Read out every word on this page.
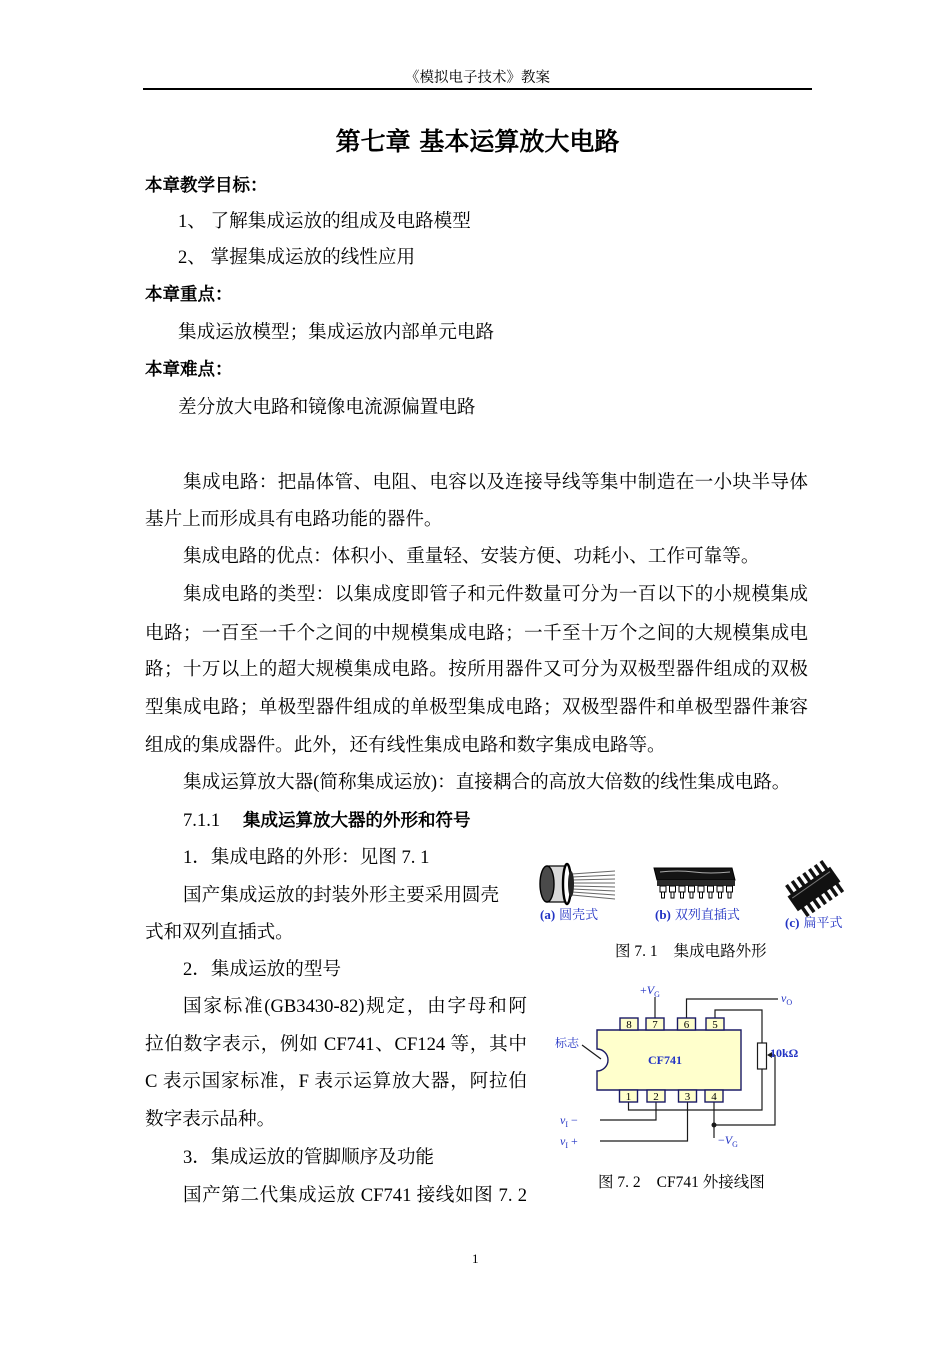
《模拟电子技术》教案
第七章 基本运算放大电路
本章教学目标：
1、 了解集成运放的组成及电路模型
2、 掌握集成运放的线性应用
本章重点：
集成运放模型；集成运放内部单元电路
本章难点：
差分放大电路和镜像电流源偏置电路
集成电路：把晶体管、电阻、电容以及连接导线等集中制造在一小块半导体
基片上而形成具有电路功能的器件。
集成电路的优点：体积小、重量轻、安装方便、功耗小、工作可靠等。
集成电路的类型：以集成度即管子和元件数量可分为一百以下的小规模集成
电路；一百至一千个之间的中规模集成电路；一千至十万个之间的大规模集成电
路；十万以上的超大规模集成电路。按所用器件又可分为双极型器件组成的双极
型集成电路；单极型器件组成的单极型集成电路；双极型器件和单极型器件兼容
组成的集成器件。此外，还有线性集成电路和数字集成电路等。
集成运算放大器(简称集成运放)：直接耦合的高放大倍数的线性集成电路。
7.1.1 集成运算放大器的外形和符号
1．集成电路的外形：见图 7. 1
国产集成运放的封装外形主要采用圆壳
式和双列直插式。
2．集成运放的型号
国家标准(GB3430-82)规定，由字母和阿
拉伯数字表示，例如 CF741、CF124 等，其中
C 表示国家标准，F 表示运算放大器，阿拉伯
数字表示品种。
3．集成运放的管脚顺序及功能
国产第二代集成运放 CF741 接线如图 7. 2
(a) 圆壳式	(b) 双列直插式
(c) 扁平式
图 7. 1 集成电路外形
8 7 6 5
1 2 3 4
CF741
标志
10kΩ
$+V_G$	$v_O$
$v_I$ −
$v_I$ +	$-V_G$
图 7. 2 CF741 外接线图
1
